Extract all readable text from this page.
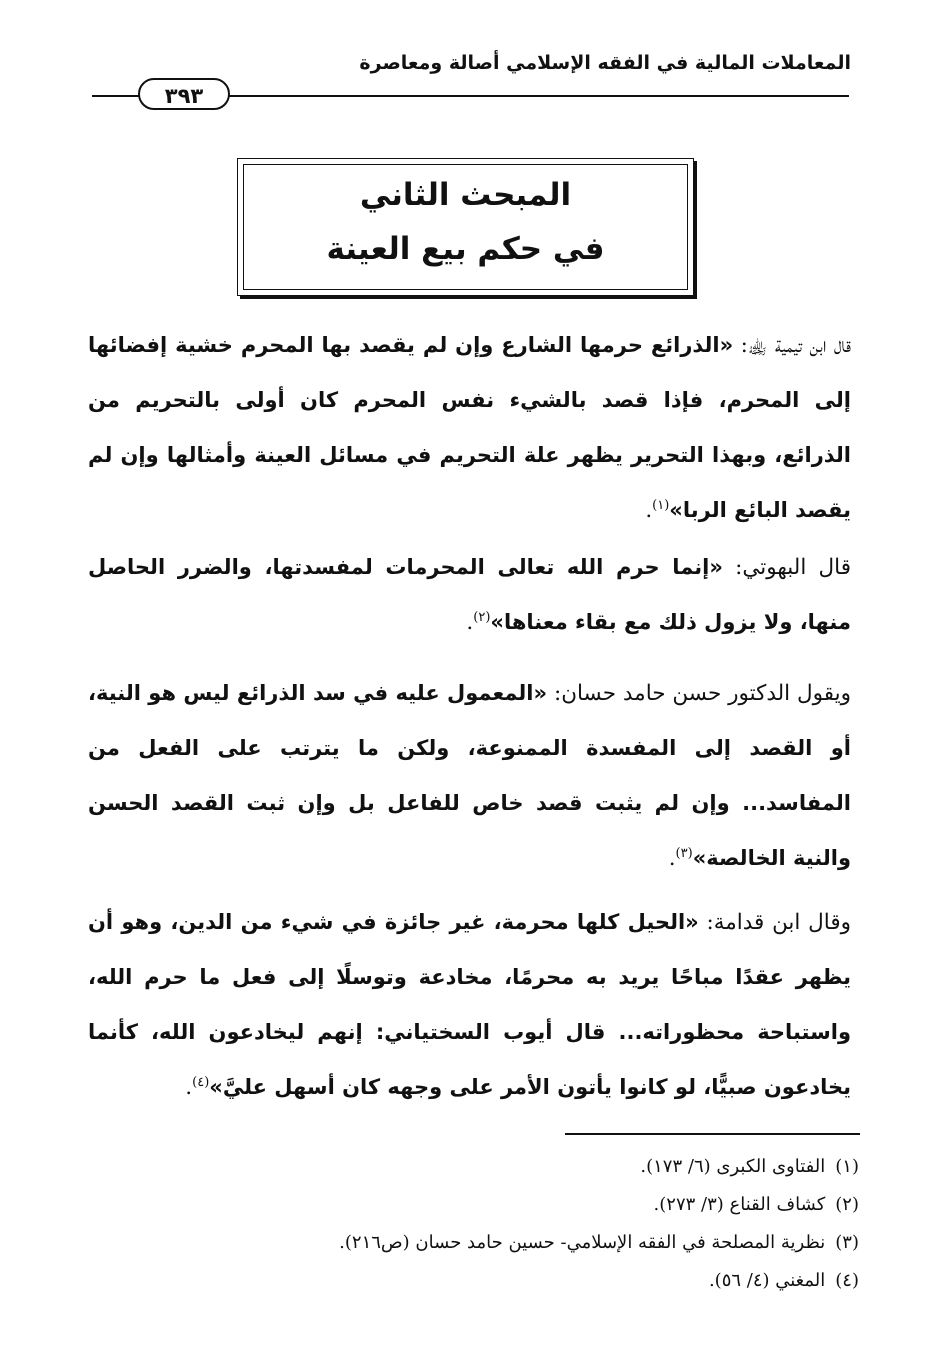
المعاملات المالية في الفقه الإسلامي أصالة ومعاصرة
٣٩٣
المبحث الثاني
في حكم بيع العينة

قال ابن تيمية ﵀: «الذرائع حرمها الشارع وإن لم يقصد بها المحرم خشية إفضائها إلى المحرم، فإذا قصد بالشيء نفس المحرم كان أولى بالتحريم من الذرائع، وبهذا التحرير يظهر علة التحريم في مسائل العينة وأمثالها وإن لم يقصد البائع الربا»$^{(١)}$.

قال البهوتي: «إنما حرم الله تعالى المحرمات لمفسدتها، والضرر الحاصل منها، ولا يزول ذلك مع بقاء معناها»$^{(٢)}$.

ويقول الدكتور حسن حامد حسان: «المعمول عليه في سد الذرائع ليس هو النية، أو القصد إلى المفسدة الممنوعة، ولكن ما يترتب على الفعل من المفاسد... وإن لم يثبت قصد خاص للفاعل بل وإن ثبت القصد الحسن والنية الخالصة»$^{(٣)}$.

وقال ابن قدامة: «الحيل كلها محرمة، غير جائزة في شيء من الدين، وهو أن يظهر عقدًا مباحًا يريد به محرمًا، مخادعة وتوسلًا إلى فعل ما حرم الله، واستباحة محظوراته... قال أيوب السختياني: إنهم ليخادعون الله، كأنما يخادعون صبيًّا، لو كانوا يأتون الأمر على وجهه كان أسهل عليَّ»$^{(٤)}$.

(١)الفتاوى الكبرى (٦/ ١٧٣).
(٢)كشاف القناع (٣/ ٢٧٣).
(٣)نظرية المصلحة في الفقه الإسلامي- حسين حامد حسان (ص٢١٦).
(٤)المغني (٤/ ٥٦).
